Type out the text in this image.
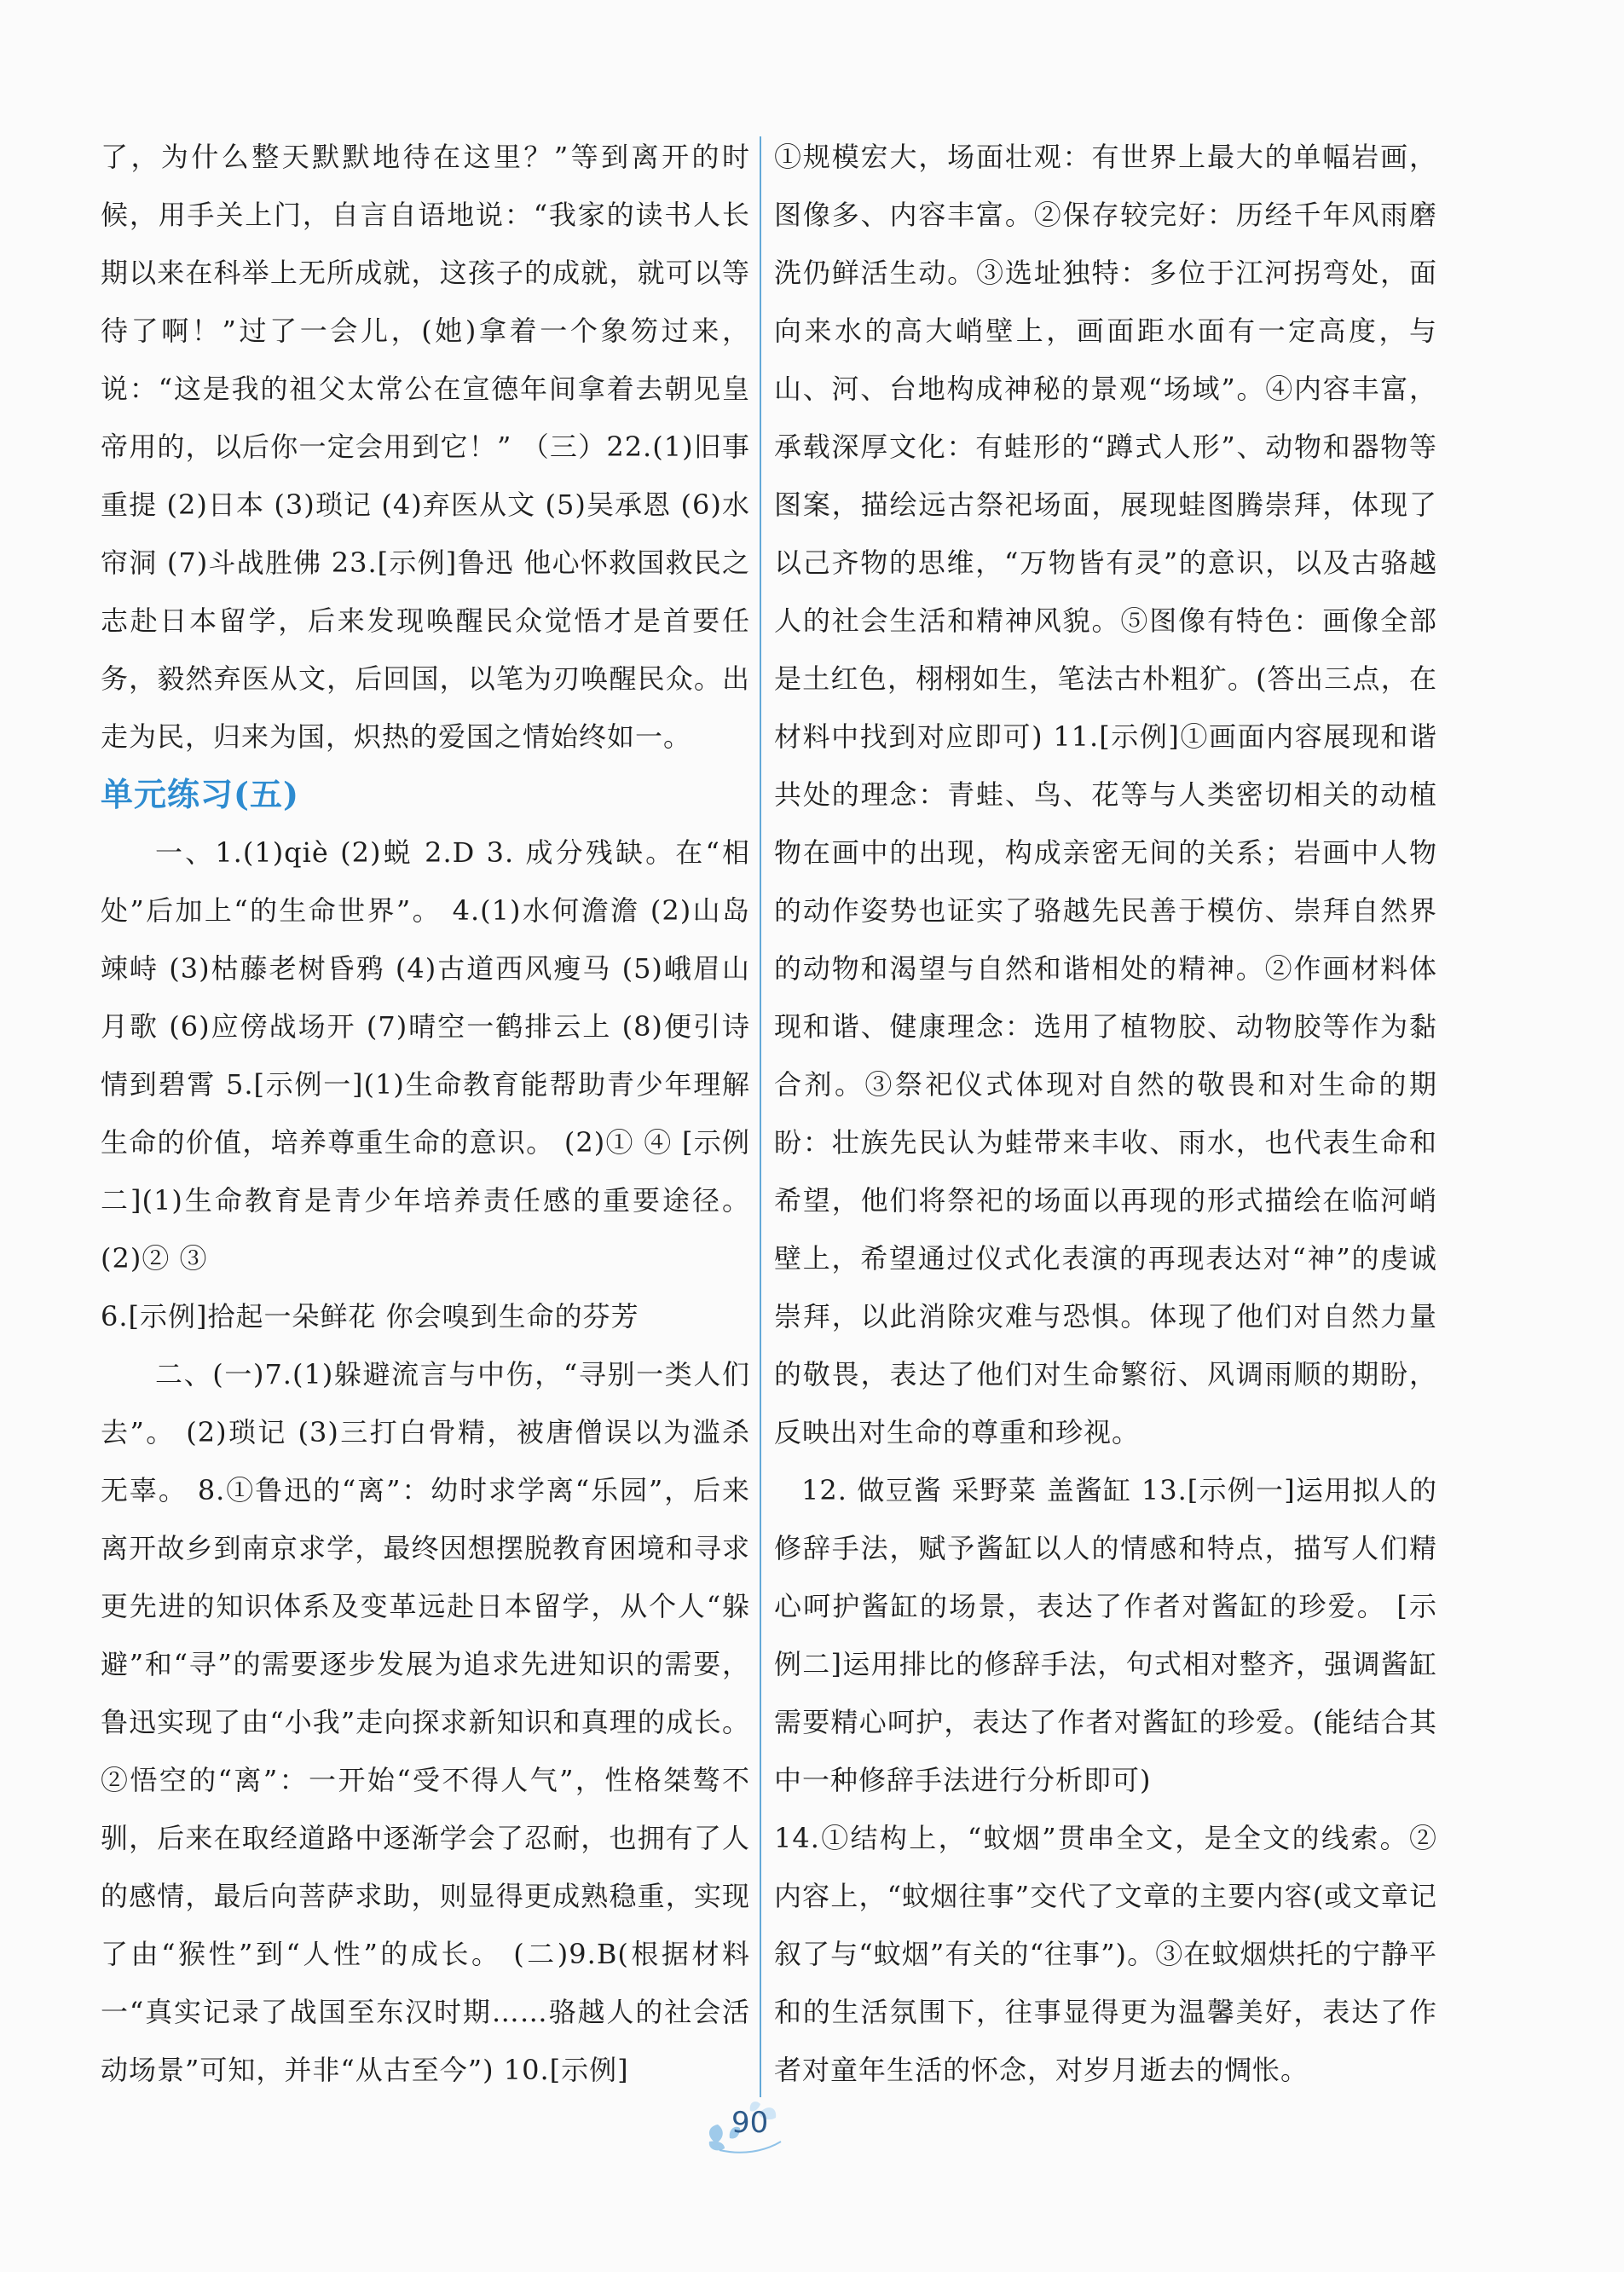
了，为什么整天默默地待在这里？”等到离开的时候，用手关上门，自言自语地说：“我家的读书人长期以来在科举上无所成就，这孩子的成就，就可以等待了啊！”过了一会儿，(她)拿着一个象笏过来，说：“这是我的祖父太常公在宣德年间拿着去朝见皇帝用的，以后你一定会用到它！” （三）22.(1)旧事重提 (2)日本 (3)琐记 (4)弃医从文 (5)吴承恩 (6)水帘洞 (7)斗战胜佛 23.[示例]鲁迅 他心怀救国救民之志赴日本留学，后来发现唤醒民众觉悟才是首要任务，毅然弃医从文，后回国，以笔为刃唤醒民众。出走为民，归来为国，炽热的爱国之情始终如一。

单元练习(五)

一、1.(1)qiè (2)蜕 2.D 3. 成分残缺。在“相处”后加上“的生命世界”。 4.(1)水何澹澹 (2)山岛竦峙 (3)枯藤老树昏鸦 (4)古道西风瘦马 (5)峨眉山月歌 (6)应傍战场开 (7)晴空一鹤排云上 (8)便引诗情到碧霄 5.[示例一](1)生命教育能帮助青少年理解生命的价值，培养尊重生命的意识。 (2)① ④ [示例二](1)生命教育是青少年培养责任感的重要途径。 (2)② ③

6.[示例]拾起一朵鲜花 你会嗅到生命的芬芳

二、(一)7.(1)躲避流言与中伤，“寻别一类人们去”。 (2)琐记 (3)三打白骨精，被唐僧误以为滥杀无辜。 8.①鲁迅的“离”：幼时求学离“乐园”，后来离开故乡到南京求学，最终因想摆脱教育困境和寻求更先进的知识体系及变革远赴日本留学，从个人“躲避”和“寻”的需要逐步发展为追求先进知识的需要，鲁迅实现了由“小我”走向探求新知识和真理的成长。②悟空的“离”：一开始“受不得人气”，性格桀骜不驯，后来在取经道路中逐渐学会了忍耐，也拥有了人的感情，最后向菩萨求助，则显得更成熟稳重，实现了由“猴性”到“人性”的成长。 (二)9.B(根据材料一“真实记录了战国至东汉时期……骆越人的社会活动场景”可知，并非“从古至今”) 10.[示例]

①规模宏大，场面壮观：有世界上最大的单幅岩画，图像多、内容丰富。②保存较完好：历经千年风雨磨洗仍鲜活生动。③选址独特：多位于江河拐弯处，面向来水的高大峭壁上，画面距水面有一定高度，与山、河、台地构成神秘的景观“场域”。④内容丰富，承载深厚文化：有蛙形的“蹲式人形”、动物和器物等图案，描绘远古祭祀场面，展现蛙图腾崇拜，体现了以己齐物的思维，“万物皆有灵”的意识，以及古骆越人的社会生活和精神风貌。⑤图像有特色：画像全部是土红色，栩栩如生，笔法古朴粗犷。(答出三点，在材料中找到对应即可) 11.[示例]①画面内容展现和谐共处的理念：青蛙、鸟、花等与人类密切相关的动植物在画中的出现，构成亲密无间的关系；岩画中人物的动作姿势也证实了骆越先民善于模仿、崇拜自然界的动物和渴望与自然和谐相处的精神。②作画材料体现和谐、健康理念：选用了植物胶、动物胶等作为黏合剂。③祭祀仪式体现对自然的敬畏和对生命的期盼：壮族先民认为蛙带来丰收、雨水，也代表生命和希望，他们将祭祀的场面以再现的形式描绘在临河峭壁上，希望通过仪式化表演的再现表达对“神”的虔诚崇拜，以此消除灾难与恐惧。体现了他们对自然力量的敬畏，表达了他们对生命繁衍、风调雨顺的期盼，反映出对生命的尊重和珍视。

12. 做豆酱 采野菜 盖酱缸 13.[示例一]运用拟人的修辞手法，赋予酱缸以人的情感和特点，描写人们精心呵护酱缸的场景，表达了作者对酱缸的珍爱。 [示例二]运用排比的修辞手法，句式相对整齐，强调酱缸需要精心呵护，表达了作者对酱缸的珍爱。(能结合其中一种修辞手法进行分析即可)

14.①结构上，“蚊烟”贯串全文，是全文的线索。②内容上，“蚊烟往事”交代了文章的主要内容(或文章记叙了与“蚊烟”有关的“往事”)。③在蚊烟烘托的宁静平和的生活氛围下，往事显得更为温馨美好，表达了作者对童年生活的怀念，对岁月逝去的惆怅。

90
